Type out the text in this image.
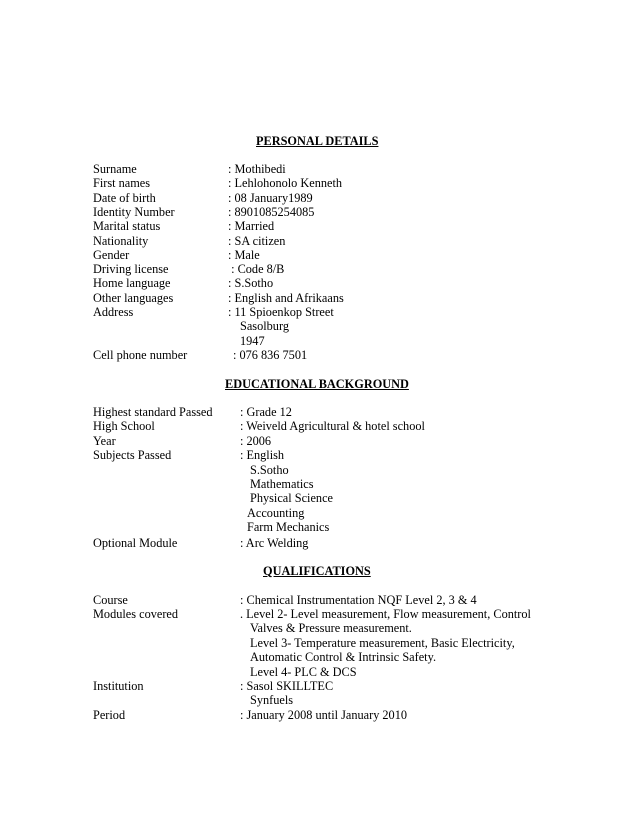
PERSONAL DETAILS
Surname	: Mothibedi
First names	: Lehlohonolo Kenneth
Date of birth	: 08 January1989
Identity Number	: 8901085254085
Marital status	: Married
Nationality	: SA citizen
Gender	: Male
Driving license	: Code 8/B
Home language	: S.Sotho
Other languages	: English and Afrikaans
Address	: 11 Spioenkop Street
Sasolburg
1947
Cell phone number	: 076 836 7501
EDUCATIONAL BACKGROUND
Highest standard Passed : Grade 12
High School	: Weiveld Agricultural & hotel school
Year	: 2006
Subjects Passed	: English
S.Sotho
Mathematics
Physical Science
Accounting
Farm Mechanics
Optional Module	: Arc Welding
QUALIFICATIONS
Course	: Chemical Instrumentation NQF Level 2, 3 & 4
Modules covered	. Level 2- Level measurement, Flow measurement, Control
Valves & Pressure measurement.
Level 3- Temperature measurement, Basic Electricity,
Automatic Control & Intrinsic Safety.
Level 4- PLC & DCS
Institution	: Sasol SKILLTEC
Synfuels
Period	: January 2008 until January 2010
